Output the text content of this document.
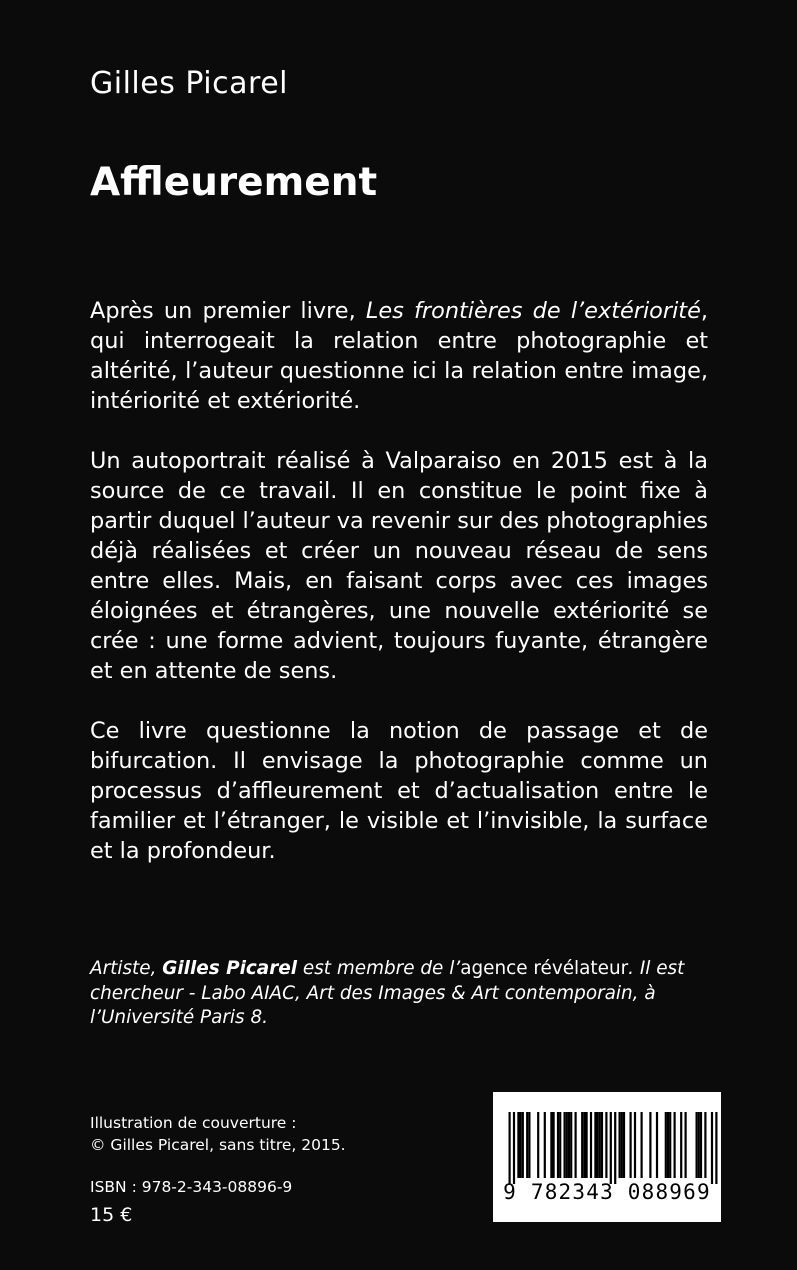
Gilles Picarel
Affleurement

Après un premier livre, Les frontières de l’extériorité, qui interrogeait la relation entre photographie et altérité, l’auteur questionne ici la relation entre image, intériorité et extériorité.

Un autoportrait réalisé à Valparaiso en 2015 est à la source de ce travail. Il en constitue le point fixe à partir duquel l’auteur va revenir sur des photographies déjà réalisées et créer un nouveau réseau de sens entre elles. Mais, en faisant corps avec ces images éloignées et étrangères, une nouvelle extériorité se crée : une forme advient, toujours fuyante, étrangère et en attente de sens.

Ce livre questionne la notion de passage et de bifurcation. Il envisage la photographie comme un processus d’affleurement et d’actualisation entre le familier et l’étranger, le visible et l’invisible, la surface et la profondeur.

Artiste, Gilles Picarel est membre de l’agence révélateur. Il est chercheur - Labo AIAC, Art des Images & Art contemporain, à l’Université Paris 8.

Illustration de couverture :
© Gilles Picarel, sans titre, 2015.
ISBN : 978-2-343-08896-9
15 €
9 782343 088969
